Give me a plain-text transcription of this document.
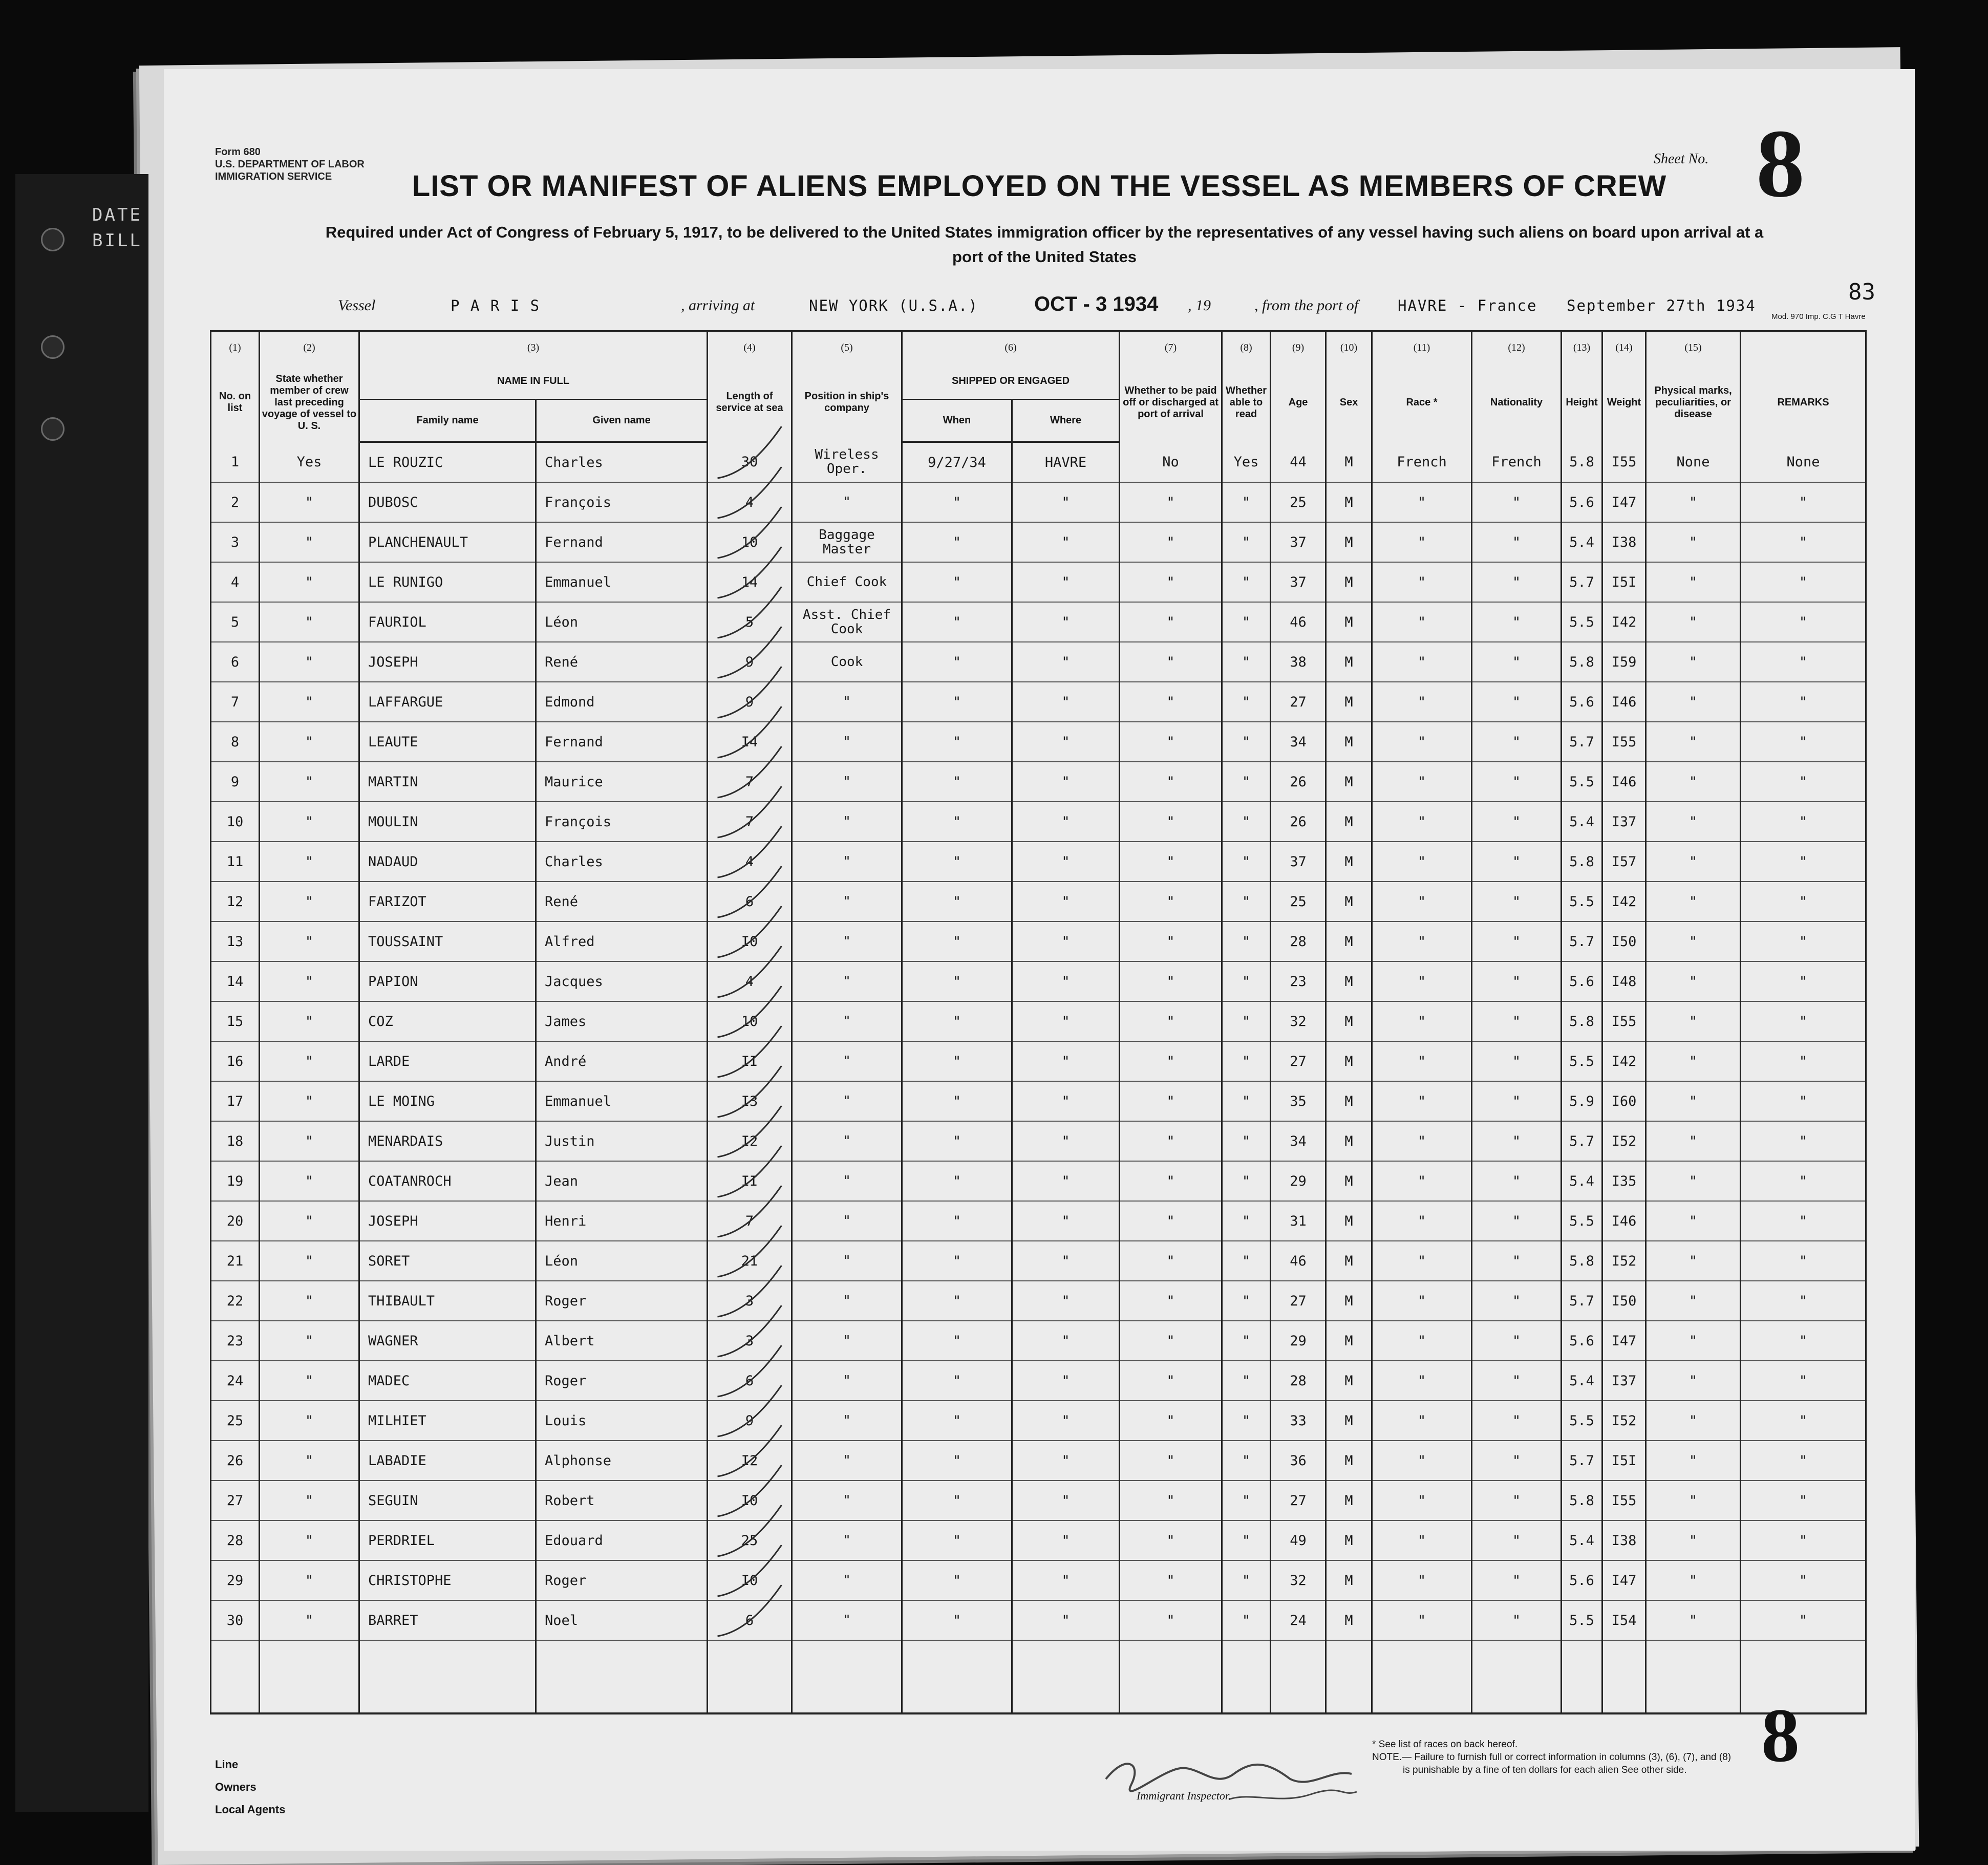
DATE
BILL
Form 680
U.S. DEPARTMENT OF LABOR
IMMIGRATION SERVICE
Sheet No. 8
LIST OR MANIFEST OF ALIENS EMPLOYED ON THE VESSEL AS MEMBERS OF CREW
Required under Act of Congress of February 5, 1917, to be delivered to the United States immigration officer by the representatives of any vessel having such aliens on board upon arrival at a
port of the United States
83
Mod. 970 Imp. C.G T Havre
Vessel	P A R I S	, arriving at	NEW YORK (U.S.A.)	OCT - 3 1934 , 19	, from the port of	HAVRE - France September 27th 1934
(1)	(2)	(3)		(4)	(5)	(6)		(7)	(8)	(9)	(10)	(11)	(12)	(13)	(14)	(15)	
No. on list	State whether member of crew last preceding voyage of vessel to U. S.	NAME IN FULL		Length of service at sea	Position in ship's company	SHIPPED OR ENGAGED		Whether to be paid off or discharged at port of arrival	Whether able to read	Age	Sex	Race *	Nationality	Height	Weight	Physical marks, peculiarities, or disease	REMARKS
		Family name	Given name			When	Where										
1	Yes	LE ROUZIC	Charles	30	Wireless Oper.	9/27/34	HAVRE	No	Yes	44	M	French	French	5.8	I55	None	None
2	"	DUBOSC	François	4	"	"	"	"	"	25	M	"	"	5.6	I47	"	"
3	"	PLANCHENAULT	Fernand	10	Baggage Master	"	"	"	"	37	M	"	"	5.4	I38	"	"
4	"	LE RUNIGO	Emmanuel	14	Chief Cook	"	"	"	"	37	M	"	"	5.7	I5I	"	"
5	"	FAURIOL	Léon	5	Asst. Chief Cook	"	"	"	"	46	M	"	"	5.5	I42	"	"
6	"	JOSEPH	René	9	Cook	"	"	"	"	38	M	"	"	5.8	I59	"	"
7	"	LAFFARGUE	Edmond	9	"	"	"	"	"	27	M	"	"	5.6	I46	"	"
8	"	LEAUTE	Fernand	I4	"	"	"	"	"	34	M	"	"	5.7	I55	"	"
9	"	MARTIN	Maurice	7	"	"	"	"	"	26	M	"	"	5.5	I46	"	"
10	"	MOULIN	François	7	"	"	"	"	"	26	M	"	"	5.4	I37	"	"
11	"	NADAUD	Charles	4	"	"	"	"	"	37	M	"	"	5.8	I57	"	"
12	"	FARIZOT	René	6	"	"	"	"	"	25	M	"	"	5.5	I42	"	"
13	"	TOUSSAINT	Alfred	I0	"	"	"	"	"	28	M	"	"	5.7	I50	"	"
14	"	PAPION	Jacques	4	"	"	"	"	"	23	M	"	"	5.6	I48	"	"
15	"	COZ	James	10	"	"	"	"	"	32	M	"	"	5.8	I55	"	"
16	"	LARDE	André	II	"	"	"	"	"	27	M	"	"	5.5	I42	"	"
17	"	LE MOING	Emmanuel	I3	"	"	"	"	"	35	M	"	"	5.9	I60	"	"
18	"	MENARDAIS	Justin	I2	"	"	"	"	"	34	M	"	"	5.7	I52	"	"
19	"	COATANROCH	Jean	II	"	"	"	"	"	29	M	"	"	5.4	I35	"	"
20	"	JOSEPH	Henri	7	"	"	"	"	"	31	M	"	"	5.5	I46	"	"
21	"	SORET	Léon	21	"	"	"	"	"	46	M	"	"	5.8	I52	"	"
22	"	THIBAULT	Roger	3	"	"	"	"	"	27	M	"	"	5.7	I50	"	"
23	"	WAGNER	Albert	3	"	"	"	"	"	29	M	"	"	5.6	I47	"	"
24	"	MADEC	Roger	6	"	"	"	"	"	28	M	"	"	5.4	I37	"	"
25	"	MILHIET	Louis	9	"	"	"	"	"	33	M	"	"	5.5	I52	"	"
26	"	LABADIE	Alphonse	I2	"	"	"	"	"	36	M	"	"	5.7	I5I	"	"
27	"	SEGUIN	Robert	I0	"	"	"	"	"	27	M	"	"	5.8	I55	"	"
28	"	PERDRIEL	Edouard	25	"	"	"	"	"	49	M	"	"	5.4	I38	"	"
29	"	CHRISTOPHE	Roger	I0	"	"	"	"	"	32	M	"	"	5.6	I47	"	"
30	"	BARRET	Noel	6	"	"	"	"	"	24	M	"	"	5.5	I54	"	"

Line
Owners
Local Agents
Immigrant Inspector.
* See list of races on back hereof.
NOTE.— Failure to furnish full or correct information in columns (3), (6), (7), and (8)
is punishable by a fine of ten dollars for each alien See other side. 8
